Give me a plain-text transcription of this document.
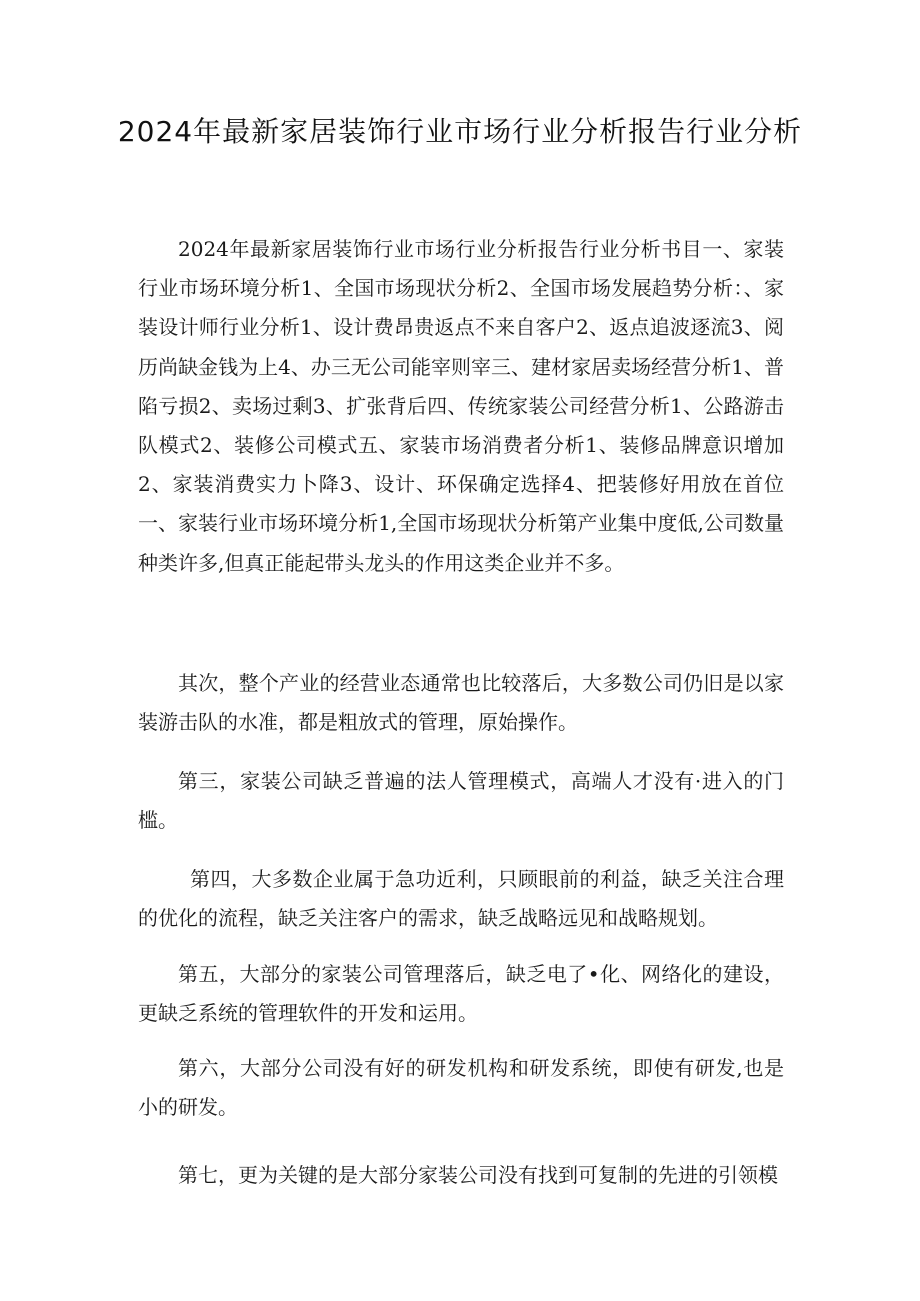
2024年最新家居装饰行业市场行业分析报告行业分析

2024年最新家居装饰行业市场行业分析报告行业分析书目一、家装行业市场环境分析1、全国市场现状分析2、全国市场发展趋势分析：、家装设计师行业分析1、设计费昂贵返点不来自客户2、返点追波逐流3、阅历尚缺金钱为上4、办三无公司能宰则宰三、建材家居卖场经营分析1、普陷亏损2、卖场过剩3、扩张背后四、传统家装公司经营分析1、公路游击队模式2、装修公司模式五、家装市场消费者分析1、装修品牌意识增加2、家装消费实力卜降3、设计、环保确定选择4、把装修好用放在首位一、家装行业市场环境分析1,全国市场现状分析第产业集中度低,公司数量种类许多,但真正能起带头龙头的作用这类企业并不多。

其次，整个产业的经营业态通常也比较落后，大多数公司仍旧是以家装游击队的水准，都是粗放式的管理，原始操作。

第三，家装公司缺乏普遍的法人管理模式，高端人才没有·进入的门槛。

第四，大多数企业属于急功近利，只顾眼前的利益，缺乏关注合理的优化的流程，缺乏关注客户的需求，缺乏战略远见和战略规划。

第五，大部分的家装公司管理落后，缺乏电了•化、网络化的建设，更缺乏系统的管理软件的开发和运用。

第六，大部分公司没有好的研发机构和研发系统，即使有研发,也是小的研发。

第七，更为关键的是大部分家装公司没有找到可复制的先进的引领模
